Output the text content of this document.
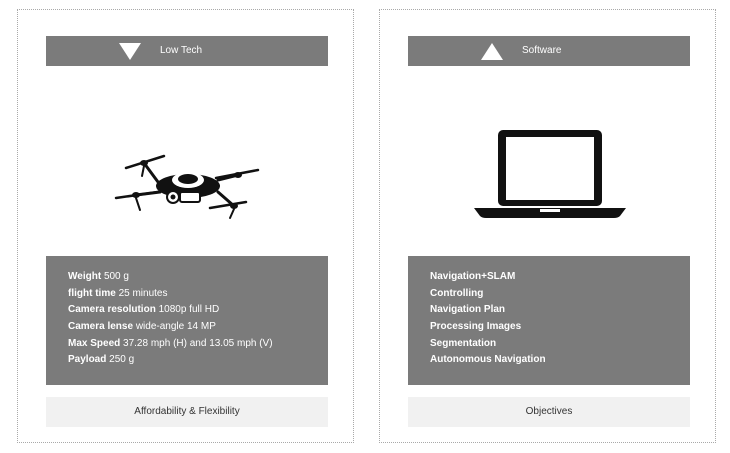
Low Tech
Weight 500 g
flight time 25 minutes
Camera resolution 1080p full HD
Camera lense wide-angle 14 MP
Max Speed 37.28 mph (H) and 13.05 mph (V)
Payload 250 g
Affordability & Flexibility
Software
Navigation+SLAM
Controlling
Navigation Plan
Processing Images
Segmentation
Autonomous Navigation
Objectives
